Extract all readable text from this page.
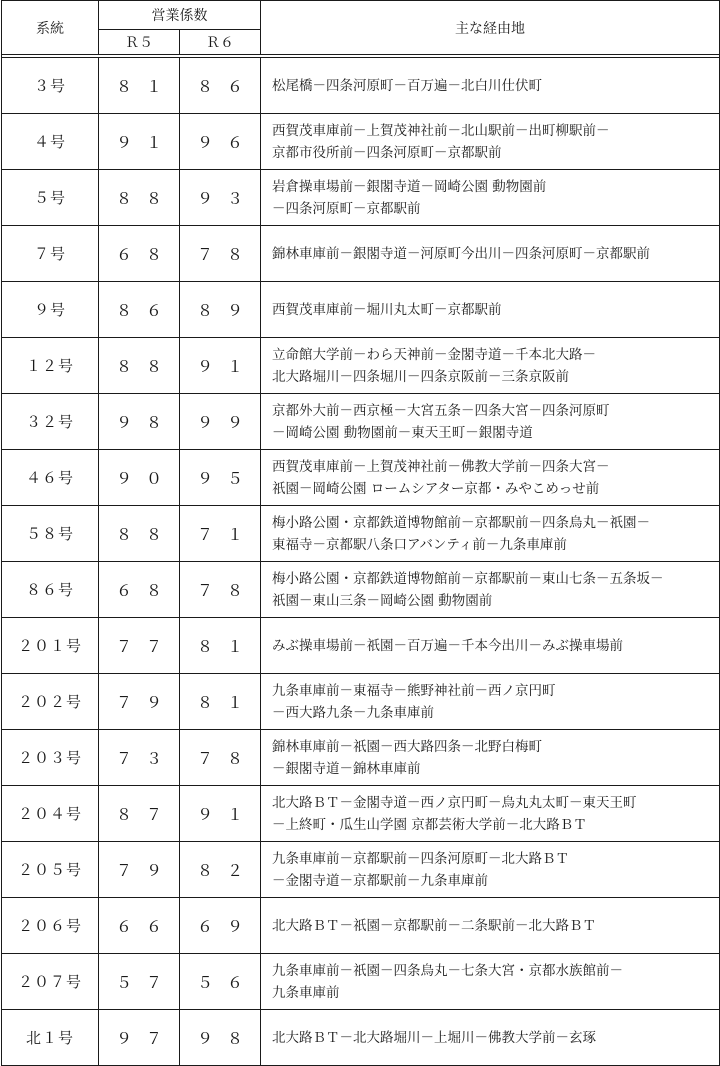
系統	営業係数		主な経由地
	Ｒ５	Ｒ６	

３号	８１	８６	松尾橋－四条河原町－百万遍－北白川仕伏町

４号	９１	９６	西賀茂車庫前－上賀茂神社前－北山駅前－出町柳駅前－
京都市役所前－四条河原町－京都駅前

５号	８８	９３	岩倉操車場前－銀閣寺道－岡崎公園 動物園前
－四条河原町－京都駅前

７号	６８	７８	錦林車庫前－銀閣寺道－河原町今出川－四条河原町－京都駅前

９号	８６	８９	西賀茂車庫前－堀川丸太町－京都駅前

１２号	８８	９１	立命館大学前－わら天神前－金閣寺道－千本北大路－
北大路堀川－四条堀川－四条京阪前－三条京阪前

３２号	９８	９９	京都外大前－西京極－大宮五条－四条大宮－四条河原町
－岡崎公園 動物園前－東天王町－銀閣寺道

４６号	９０	９５	西賀茂車庫前－上賀茂神社前－佛教大学前－四条大宮－
祇園－岡崎公園 ロームシアター京都・みやこめっせ前

５８号	８８	７１	梅小路公園・京都鉄道博物館前－京都駅前－四条烏丸－祇園－
東福寺－京都駅八条口アバンティ前－九条車庫前

８６号	６８	７８	梅小路公園・京都鉄道博物館前－京都駅前－東山七条－五条坂－
祇園－東山三条－岡崎公園 動物園前

２０１号	７７	８１	みぶ操車場前－祇園－百万遍－千本今出川－みぶ操車場前

２０２号	７９	８１	九条車庫前－東福寺－熊野神社前－西ノ京円町
－西大路九条－九条車庫前

２０３号	７３	７８	錦林車庫前－祇園－西大路四条－北野白梅町
－銀閣寺道－錦林車庫前

２０４号	８７	９１	北大路ＢＴ－金閣寺道－西ノ京円町－烏丸丸太町－東天王町
－上終町・瓜生山学園 京都芸術大学前－北大路ＢＴ

２０５号	７９	８２	九条車庫前－京都駅前－四条河原町－北大路ＢＴ
－金閣寺道－京都駅前－九条車庫前

２０６号	６６	６９	北大路ＢＴ－祇園－京都駅前－二条駅前－北大路ＢＴ

２０７号	５７	５６	九条車庫前－祇園－四条烏丸－七条大宮・京都水族館前－
九条車庫前

北１号	９７	９８	北大路ＢＴ－北大路堀川－上堀川－佛教大学前－玄琢
